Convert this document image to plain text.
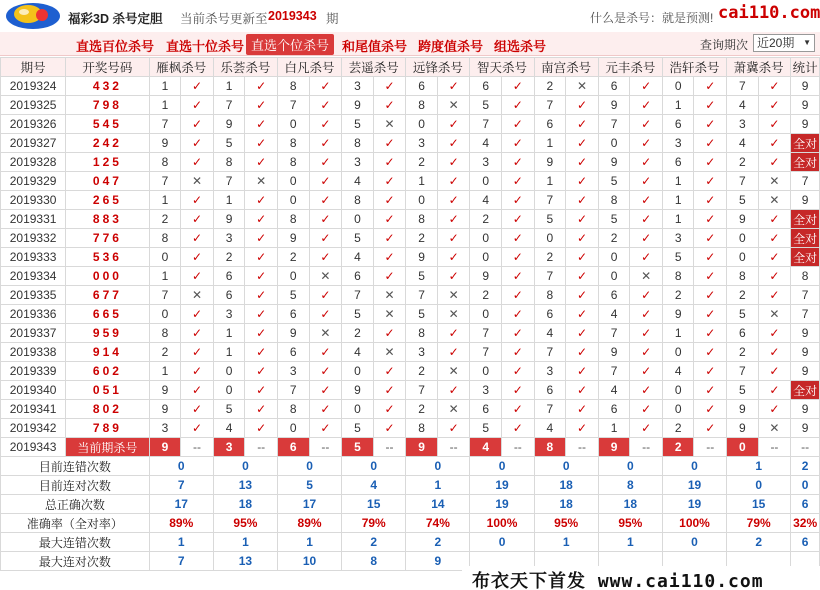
福彩3D 杀号定胆 当前杀号更新至 2019343 期	什么是杀号：就是预测! cai110.com
直选百位杀号 直选十位杀号 直选个位杀号 和尾值杀号 跨度值杀号 组选杀号	查询期次 近20期 ▼
期号	开奖号码	雁枫杀号		乐荟杀号		白凡杀号		芸遥杀号		远锋杀号		智天杀号		南宫杀号		元丰杀号		浩轩杀号		萧冀杀号		统计
2019324	432	1	✓	1	✓	8	✓	3	✓	6	✓	6	✓	2	✕	6	✓	0	✓	7	✓	9
2019325	798	1	✓	7	✓	7	✓	9	✓	8	✕	5	✓	7	✓	9	✓	1	✓	4	✓	9
2019326	545	7	✓	9	✓	0	✓	5	✕	0	✓	7	✓	6	✓	7	✓	6	✓	3	✓	9
2019327	242	9	✓	5	✓	8	✓	8	✓	3	✓	4	✓	1	✓	0	✓	3	✓	4	✓	全对
2019328	125	8	✓	8	✓	8	✓	3	✓	2	✓	3	✓	9	✓	9	✓	6	✓	2	✓	全对
2019329	047	7	✕	7	✕	0	✓	4	✓	1	✓	0	✓	1	✓	5	✓	1	✓	7	✕	7
2019330	265	1	✓	1	✓	0	✓	8	✓	0	✓	4	✓	7	✓	8	✓	1	✓	5	✕	9
2019331	883	2	✓	9	✓	8	✓	0	✓	8	✓	2	✓	5	✓	5	✓	1	✓	9	✓	全对
2019332	776	8	✓	3	✓	9	✓	5	✓	2	✓	0	✓	0	✓	2	✓	3	✓	0	✓	全对
2019333	536	0	✓	2	✓	2	✓	4	✓	9	✓	0	✓	2	✓	0	✓	5	✓	0	✓	全对
2019334	000	1	✓	6	✓	0	✕	6	✓	5	✓	9	✓	7	✓	0	✕	8	✓	8	✓	8
2019335	677	7	✕	6	✓	5	✓	7	✕	7	✕	2	✓	8	✓	6	✓	2	✓	2	✓	7
2019336	665	0	✓	3	✓	6	✓	5	✕	5	✕	0	✓	6	✓	4	✓	9	✓	5	✕	7
2019337	959	8	✓	1	✓	9	✕	2	✓	8	✓	7	✓	4	✓	7	✓	1	✓	6	✓	9
2019338	914	2	✓	1	✓	6	✓	4	✕	3	✓	7	✓	7	✓	9	✓	0	✓	2	✓	9
2019339	602	1	✓	0	✓	3	✓	0	✓	2	✕	0	✓	3	✓	7	✓	4	✓	7	✓	9
2019340	051	9	✓	0	✓	7	✓	9	✓	7	✓	3	✓	6	✓	4	✓	0	✓	5	✓	全对
2019341	802	9	✓	5	✓	8	✓	0	✓	2	✕	6	✓	7	✓	6	✓	0	✓	9	✓	9
2019342	789	3	✓	4	✓	0	✓	5	✓	8	✓	5	✓	4	✓	1	✓	2	✓	9	✕	9
2019343	当前期杀号	9	--	3	--	6	--	5	--	9	--	4	--	8	--	9	--	2	--	0	--	--
目前连错次数		0		0		0		0		0		0		0		0		0		1		2
目前连对次数		7		13		5		4		1		19		18		8		19		0		0
总正确次数		17		18		17		15		14		19		18		18		19		15		6
准确率（全对率）		89%		95%		89%		79%		74%		100%		95%		95%		100%		79%		32%
最大连错次数		1		1		1		2		2		0		1		1		0		2		6
最大连对次数		7		13		10		8		9												
布衣天下首发 www.cai110.com
